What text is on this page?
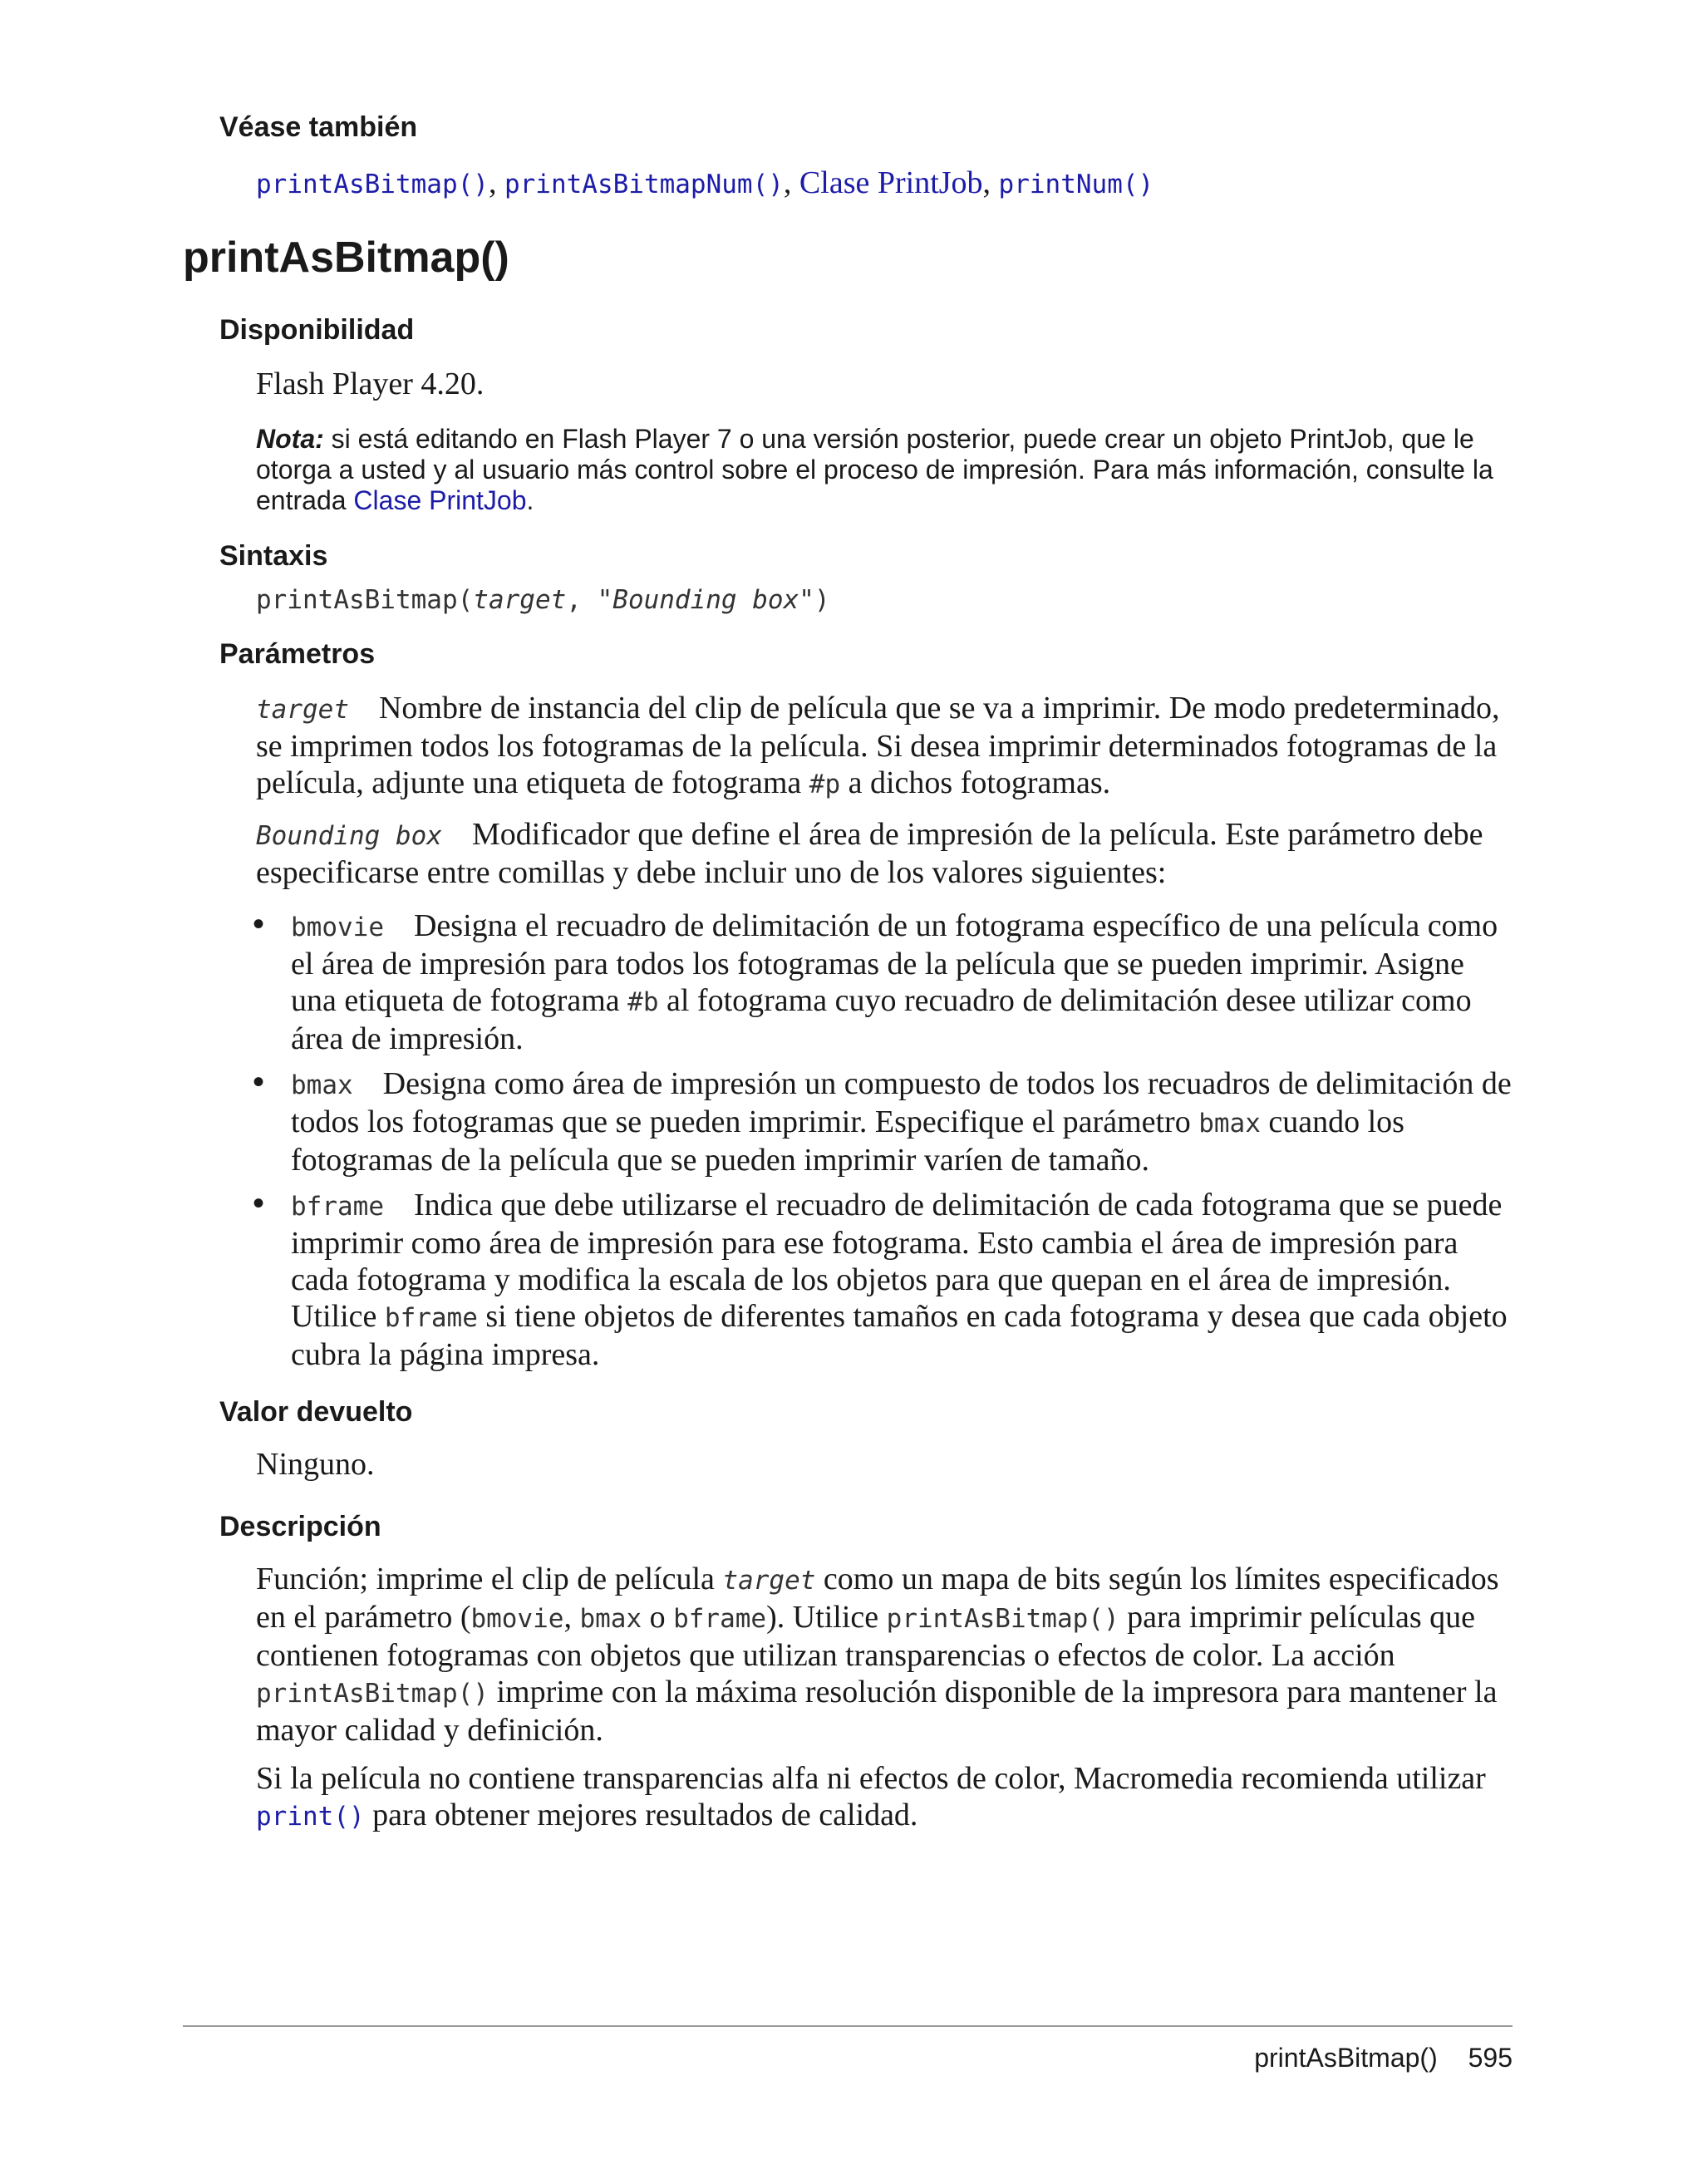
Véase también
printAsBitmap(), printAsBitmapNum(), Clase PrintJob, printNum()
printAsBitmap()
Disponibilidad
Flash Player 4.20.
Nota: si está editando en Flash Player 7 o una versión posterior, puede crear un objeto PrintJob, que le otorga a usted y al usuario más control sobre el proceso de impresión. Para más información, consulte la entrada Clase PrintJob.
Sintaxis
printAsBitmap(target, "Bounding box")
Parámetros
target Nombre de instancia del clip de película que se va a imprimir. De modo predeterminado, se imprimen todos los fotogramas de la película. Si desea imprimir determinados fotogramas de la película, adjunte una etiqueta de fotograma #p a dichos fotogramas.
Bounding box Modificador que define el área de impresión de la película. Este parámetro debe especificarse entre comillas y debe incluir uno de los valores siguientes:
• bmovie Designa el recuadro de delimitación de un fotograma específico de una película como el área de impresión para todos los fotogramas de la película que se pueden imprimir. Asigne una etiqueta de fotograma #b al fotograma cuyo recuadro de delimitación desee utilizar como área de impresión.
• bmax Designa como área de impresión un compuesto de todos los recuadros de delimitación de todos los fotogramas que se pueden imprimir. Especifique el parámetro bmax cuando los fotogramas de la película que se pueden imprimir varíen de tamaño.
• bframe Indica que debe utilizarse el recuadro de delimitación de cada fotograma que se puede imprimir como área de impresión para ese fotograma. Esto cambia el área de impresión para cada fotograma y modifica la escala de los objetos para que quepan en el área de impresión. Utilice bframe si tiene objetos de diferentes tamaños en cada fotograma y desea que cada objeto cubra la página impresa.
Valor devuelto
Ninguno.
Descripción
Función; imprime el clip de película target como un mapa de bits según los límites especificados en el parámetro (bmovie, bmax o bframe). Utilice printAsBitmap() para imprimir películas que contienen fotogramas con objetos que utilizan transparencias o efectos de color. La acción printAsBitmap() imprime con la máxima resolución disponible de la impresora para mantener la mayor calidad y definición.
Si la película no contiene transparencias alfa ni efectos de color, Macromedia recomienda utilizar print() para obtener mejores resultados de calidad.
printAsBitmap() 595
